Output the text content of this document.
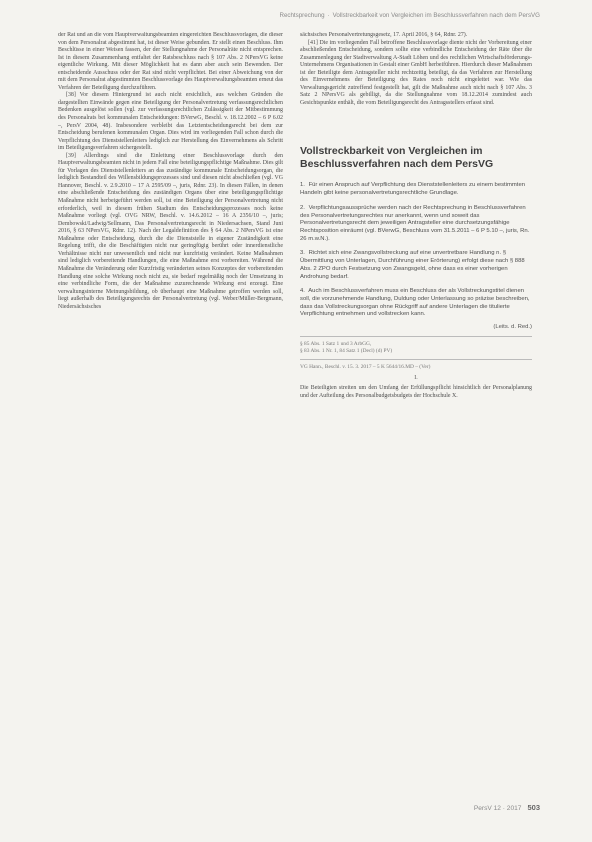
Rechtsprechung · Vollstreckbarkeit von Vergleichen im Beschlussverfahren nach dem PersVG

der Rat und an die vom Hauptverwaltungsbeamten eingereichten Beschlussvorlagen, die dieser von dem Personalrat abgestimmt hat, ist dieser Weise gebunden. Er stellt einen Beschluss. Ihm Beschlüsse in einer Weisen fassen, der der Stellungnahme der Personalräte nicht entsprechen. Ist in diesem Zusammenhang entfaltet der Ratsbeschluss nach § 107 Abs. 2 NPersVG keine eigentliche Wirkung. Mit dieser Möglichkeit hat es dann aber auch sein Bewenden. Der entscheidende Ausschuss oder der Rat sind nicht verpflichtet. Bei einer Abweichung von der mit dem Personalrat abgestimmten Beschlussvorlage des Hauptverwaltungsbeamten erneut das Verfahren der Beteiligung durchzuführen.

[38] Vor diesem Hintergrund ist auch nicht ersichtlich, aus welchen Gründen die dargestellten Einwände gegen eine Beteiligung der Personalvertretung verfassungsrechtlichen Bedenken ausgelöst sollen (vgl. zur verfassungsrechtlichen Zulässigkeit der Mitbestimmung des Personalrats bei kommunalen Entscheidungen: BVerwG, Beschl. v. 18.12.2002 – 6 P 6.02 –, PersV 2004, 48). Insbesondere verbleibt das Letztentscheidungsrecht bei dem zur Entscheidung berufenen kommunalen Organ. Dies wird im vorliegenden Fall schon durch die Verpflichtung des Dienststellenleiters lediglich zur Herstellung des Einvernehmens als Schritt im Beteiligungsverfahren sichergestellt.

[39] Allerdings sind die Einleitung einer Beschlussvorlage durch den Hauptverwaltungsbeamten nicht in jedem Fall eine beteiligungspflichtige Maßnahme. Dies gilt für Vorlagen des Dienststellenleiters an das zuständige kommunale Entscheidungsorgan, die lediglich Bestandteil des Willensbildungsprozesses sind und diesen nicht abschließen (vgl. VG Hannover, Beschl. v. 2.9.2010 – 17 A 2595/09 –, juris, Rdnr. 23). In diesen Fällen, in denen eine abschließende Entscheidung des zuständigen Organs über eine beteiligungspflichtige Maßnahme nicht herbeigeführt werden soll, ist eine Beteiligung der Personalvertretung nicht erforderlich, weil in diesem frühen Stadium des Entscheidungsprozesses noch keine Maßnahme vorliegt (vgl. OVG NRW, Beschl. v. 14.6.2012 – 16 A 2356/10 –, juris; Dembowski/Ladwig/Sellmann, Das Personalvertretungsrecht in Niedersachsen, Stand Juni 2016, § 63 NPersVG, Rdnr. 12). Nach der Legaldefinition des § 64 Abs. 2 NPersVG ist eine Maßnahme oder Entscheidung, durch die die Dienststelle in eigener Zuständigkeit eine Regelung trifft, die die Beschäftigten nicht nur geringfügig berührt oder innerdienstliche Verhältnisse nicht nur unwesentlich und nicht nur kurzfristig verändert. Keine Maßnahmen sind lediglich vorbereitende Handlungen, die eine Maßnahme erst vorbereiten. Während die Maßnahme die Veränderung oder Kurzfristig veränderten seines Konzeptes der vorbereitenden Handlung eine solche Wirkung noch nicht zu, sie bedarf regelmäßig noch der Umsetzung in eine verbindliche Form, die der Maßnahme zuzurechnende Wirkung erst erzeugt. Eine verwaltungsinterne Meinungsbildung, ob überhaupt eine Maßnahme getroffen werden soll, liegt außerhalb des Beteiligungsrechts der Personalvertretung (vgl. Weber/Müller-Bergmann, Niedersächsisches

sächsisches Personalvertretungsgesetz, 17. April 2016, § 64, Rdnr. 27).

[41] Die im vorliegenden Fall betroffene Beschlussvorlage diente nicht der Vorbereitung einer abschließenden Entscheidung, sondern sollte eine verbindliche Entscheidung der Räte über die Zusammenlegung der Stadtverwaltung A-Stadt Löhen und des rechtlichen Wirtschaftsförderungs-Unternehmens Organisationen in Gestalt einer GmbH herbeiführen. Hierdurch dieser Maßnahmen ist der Beteiligte dem Antragsteller nicht rechtzeitig beteiligt, da das Verfahren zur Herstellung des Einvernehmens der Beteiligung des Rates noch nicht eingeleitet war. Wie das Verwaltungsgericht zutreffend festgestellt hat, gilt die Maßnahme auch nicht nach § 107 Abs. 3 Satz 2 NPersVG als gebilligt, da die Stellungnahme vom 18.12.2014 zumindest auch Gesichtspunkte enthält, die vom Beteiligungsrecht des Antragsstellers erfasst sind.

Vollstreckbarkeit von Vergleichen im Beschlussverfahren nach dem PersVG
1. Für einen Anspruch auf Verpflichtung des Dienststellenleiters zu einem bestimmten Handeln gibt keine personalvertretungsrechtliche Grundlage.
2. Verpflichtungsaussprüche werden nach der Rechtsprechung in Beschlussverfahren des Personalvertretungsrechtes nur anerkannt, wenn und soweit das Personalvertretungsrecht dem jeweiligen Antragsteller eine durchsetzungsfähige Rechtsposition einräumt (vgl. BVerwG, Beschluss vom 31.5.2011 – 6 P 5.10 –, juris, Rn. 26 m.w.N.).
3. Richtet sich eine Zwangsvollstreckung auf eine unvertretbare Handlung n. § Übermittlung von Unterlagen, Durchführung einer Erörterung) erfolgt diese nach § 888 Abs. 2 ZPO durch Festsetzung von Zwangsgeld, ohne dass es einer vorherigen Androhung bedarf.
4. Auch im Beschlussverfahren muss ein Beschluss der als Vollstreckungstitel dienen soll, die vorzunehmende Handlung, Duldung oder Unterlassung so präzise beschreiben, dass das Vollstreckungsorgan ohne Rückgriff auf andere Unterlagen die titulierte Verpflichtung entnehmen und vollstrecken kann.
(Leits. d. Red.)
§ 85 Abs. 1 Satz 1 und 3 ArbGG,
§ 83 Abs. 1 Nr. 1, 84 Satz 1 (Decl) (d) PV)
VG Hann., Beschl. v. 15. 3. 2017 – 5 K 5644/16.MD – (Ver)
I.

Die Beteiligten streiten um den Umfang der Erfüllungspflicht hinsichtlich der Personalplanung und der Aufteilung des Personalbudgetsbudgets der Hochschule X.

PersV 12 · 2017 503
